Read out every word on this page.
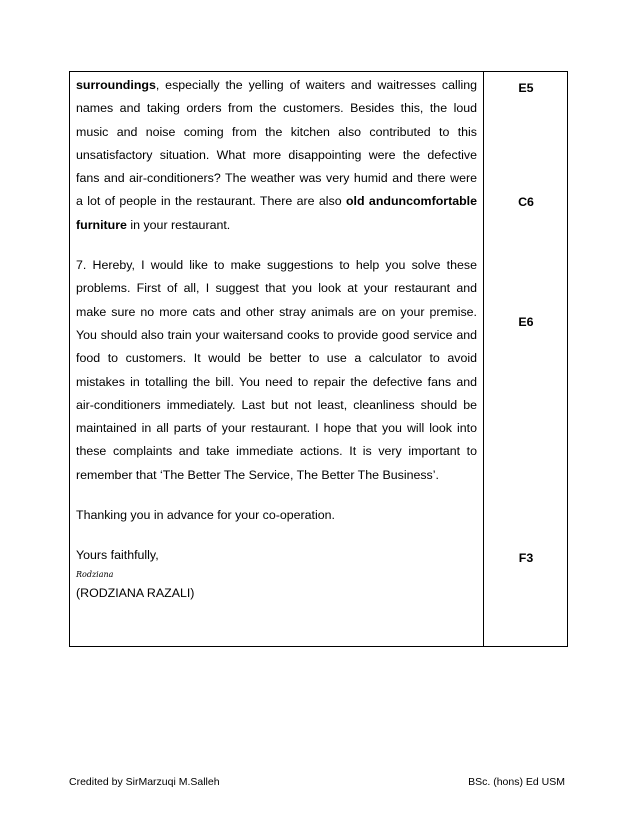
surroundings, especially the yelling of waiters and waitresses calling
names and taking orders from the customers. Besides this, the loud
music and noise coming from the kitchen also contributed to this
unsatisfactory situation. What more disappointing were the defective
fans and air-conditioners? The weather was very humid and there were
a lot of people in the restaurant. There are also old anduncomfortable
furniture in your restaurant.
7. Hereby, I would like to make suggestions to help you solve these
problems. First of all, I suggest that you look at your restaurant and
make sure no more cats and other stray animals are on your premise.
You should also train your waitersand cooks to provide good service and
food to customers. It would be better to use a calculator to avoid
mistakes in totalling the bill. You need to repair the defective fans and
air-conditioners immediately. Last but not least, cleanliness should be
maintained in all parts of your restaurant. I hope that you will look into
these complaints and take immediate actions. It is very important to
remember that ‘The Better The Service, The Better The Business’.
Thanking you in advance for your co-operation.
Yours faithfully,
Rodziana
(RODZIANA RAZALI)
E5
C6
E6
F3
Credited by SirMarzuqi M.Salleh	BSc. (hons) Ed USM
